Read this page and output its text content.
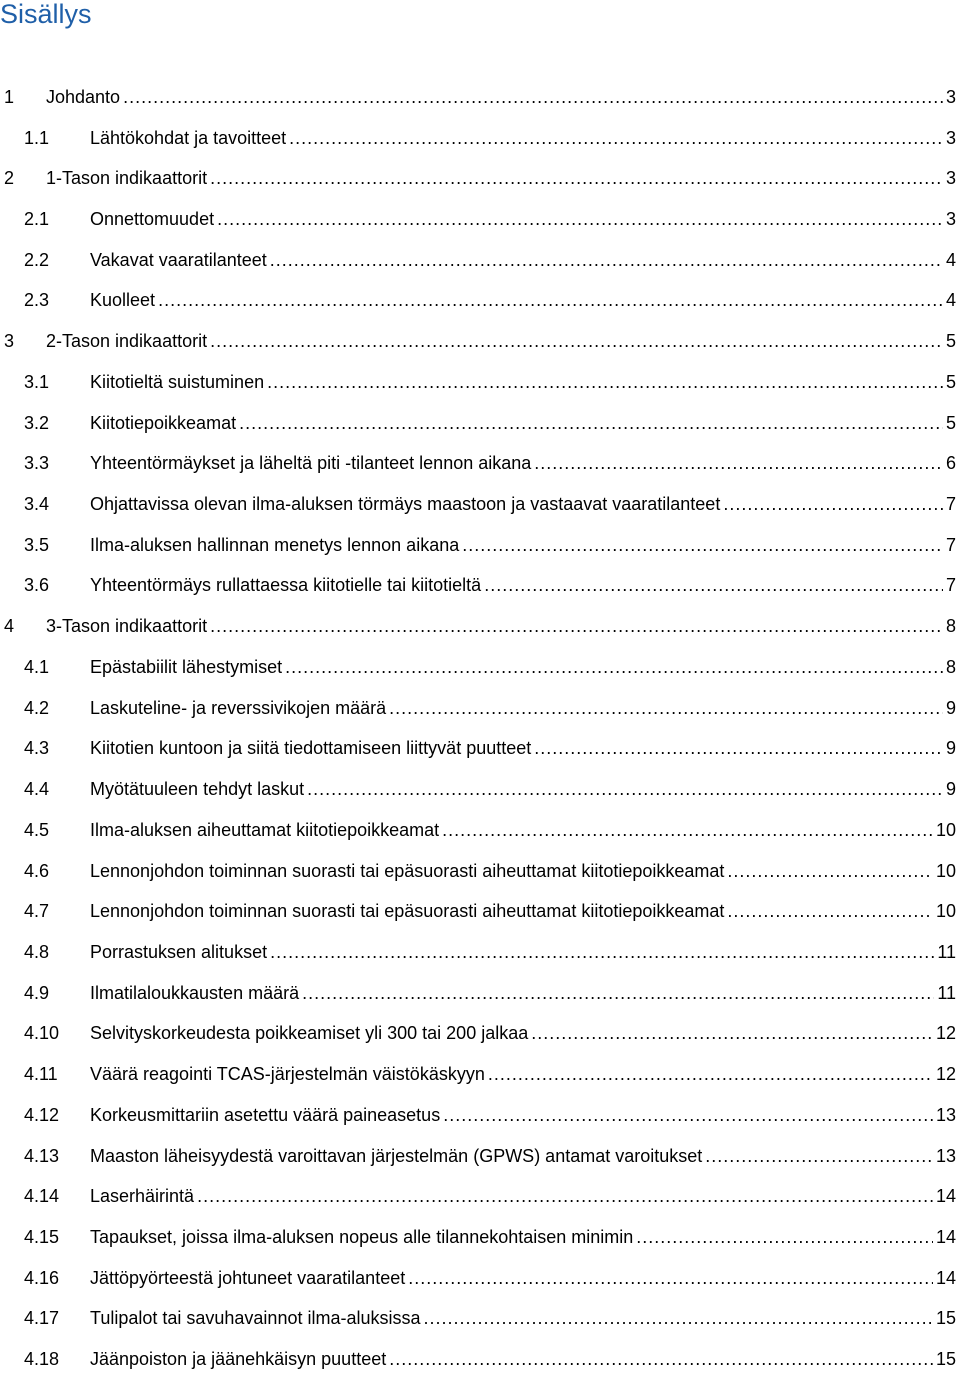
Sisällys
1	Johdanto .....	3
1.1	Lähtökohdat ja tavoitteet .....	3
2	1-Tason indikaattorit .....	3
2.1	Onnettomuudet .....	3
2.2	Vakavat vaaratilanteet .....	4
2.3	Kuolleet .....	4
3	2-Tason indikaattorit .....	5
3.1	Kiitotieltä suistuminen .....	5
3.2	Kiitotiepoikkeamat .....	5
3.3	Yhteentörmäykset ja läheltä piti -tilanteet lennon aikana .....	6
3.4	Ohjattavissa olevan ilma-aluksen törmäys maastoon ja vastaavat vaaratilanteet .....	7
3.5	Ilma-aluksen hallinnan menetys lennon aikana .....	7
3.6	Yhteentörmäys rullattaessa kiitotielle tai kiitotieltä .....	7
4	3-Tason indikaattorit .....	8
4.1	Epästabiilit lähestymiset .....	8
4.2	Laskuteline- ja reverssivikojen määrä .....	9
4.3	Kiitotien kuntoon ja siitä tiedottamiseen liittyvät puutteet .....	9
4.4	Myötätuuleen tehdyt laskut .....	9
4.5	Ilma-aluksen aiheuttamat kiitotiepoikkeamat .....	10
4.6	Lennonjohdon toiminnan suorasti tai epäsuorasti aiheuttamat kiitotiepoikkeamat .....	10
4.7	Lennonjohdon toiminnan suorasti tai epäsuorasti aiheuttamat kiitotiepoikkeamat .....	10
4.8	Porrastuksen alitukset .....	11
4.9	Ilmatilaloukkausten määrä .....	11
4.10	Selvityskorkeudesta poikkeamiset yli 300 tai 200 jalkaa .....	12
4.11	Väärä reagointi TCAS-järjestelmän väistökäskyyn .....	12
4.12	Korkeusmittariin asetettu väärä paineasetus .....	13
4.13	Maaston läheisyydestä varoittavan järjestelmän (GPWS) antamat varoitukset .....	13
4.14	Laserhäirintä .....	14
4.15	Tapaukset, joissa ilma-aluksen nopeus alle tilannekohtaisen minimin .....	14
4.16	Jättöpyörteestä johtuneet vaaratilanteet .....	14
4.17	Tulipalot tai savuhavainnot ilma-aluksissa .....	15
4.18	Jäänpoiston ja jäänehkäisyn puutteet .....	15
